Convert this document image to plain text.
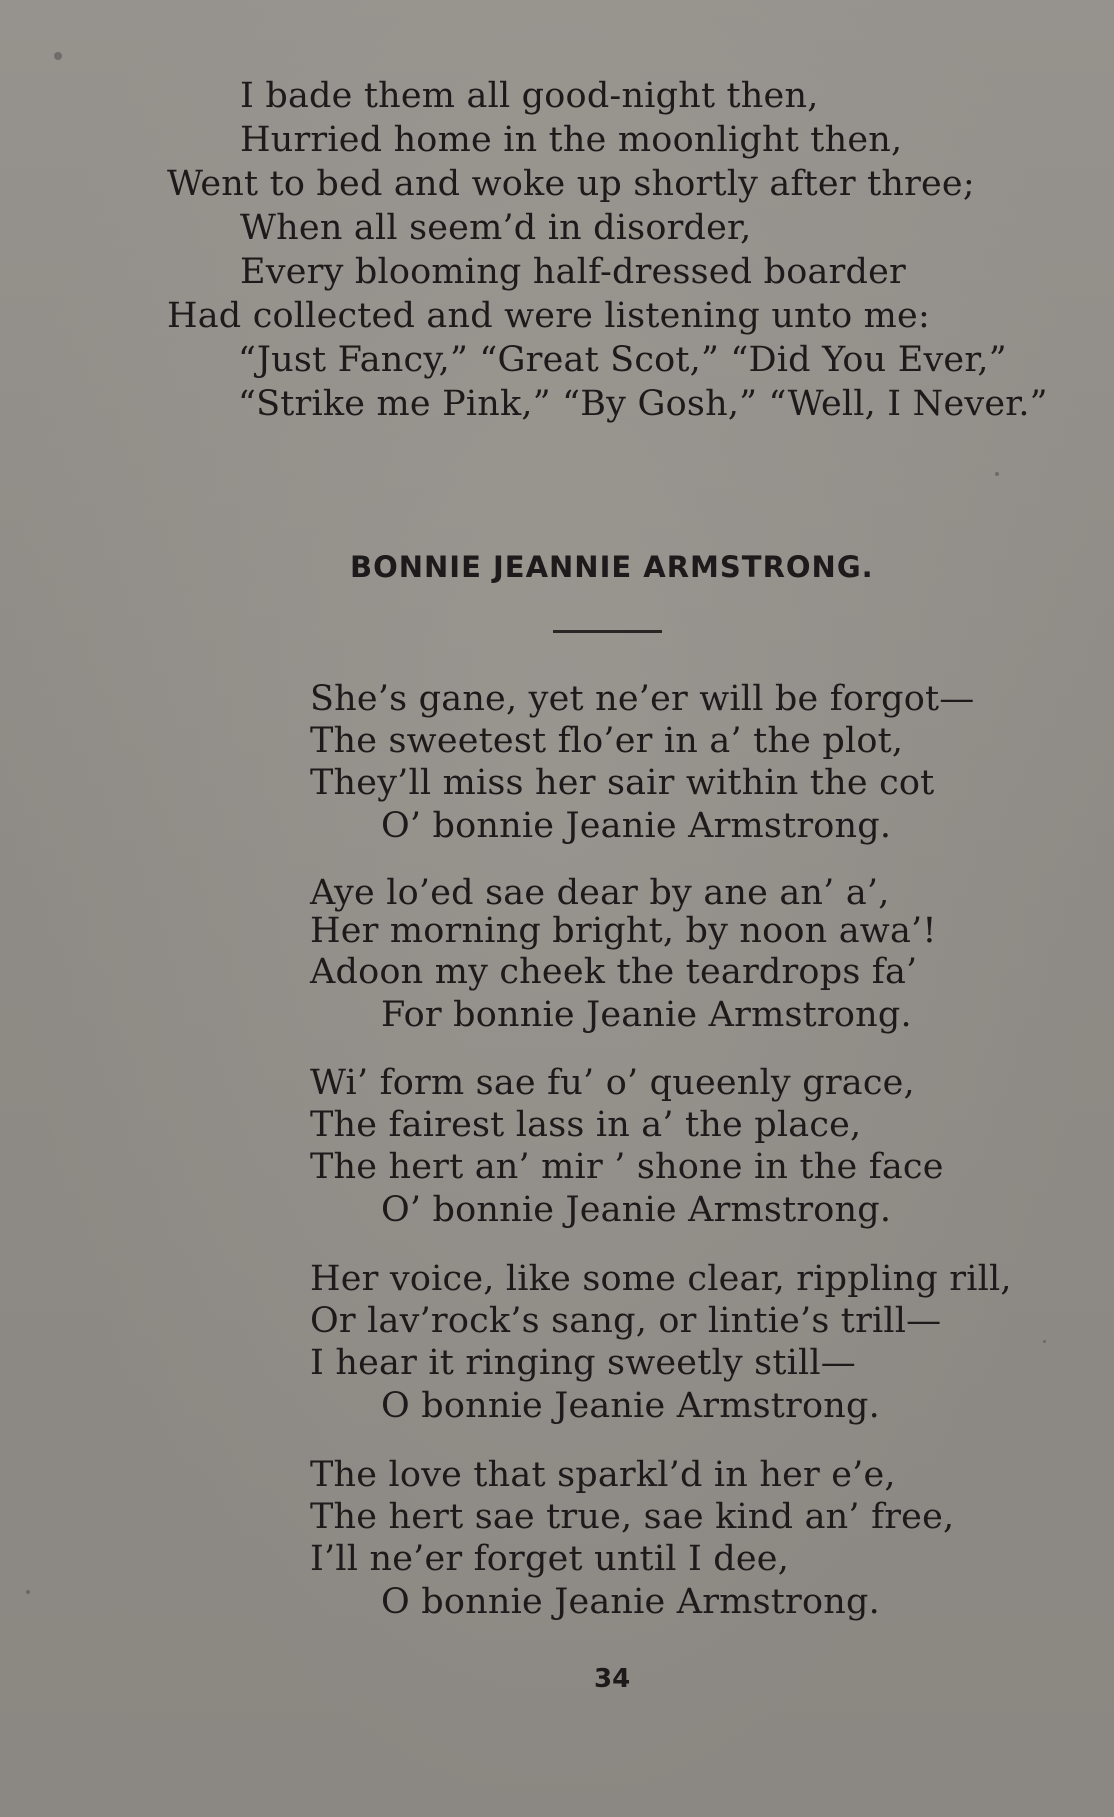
I bade them all good-night then,
Hurried home in the moonlight then,
Went to bed and woke up shortly after three;
When all seem’d in disorder,
Every blooming half-dressed boarder
Had collected and were listening unto me:
“Just Fancy,” “Great Scot,” “Did You Ever,”
“Strike me Pink,” “By Gosh,” “Well, I Never.”
BONNIE JEANNIE ARMSTRONG.
She’s gane, yet ne’er will be forgot—
The sweetest flo’er in a’ the plot,
They’ll miss her sair within the cot
O’ bonnie Jeanie Armstrong.
Aye lo’ed sae dear by ane an’ a’,
Her morning bright, by noon awa’!
Adoon my cheek the teardrops fa’
For bonnie Jeanie Armstrong.
Wi’ form sae fu’ o’ queenly grace,
The fairest lass in a’ the place,
The hert an’ mir ’ shone in the face
O’ bonnie Jeanie Armstrong.
Her voice, like some clear, rippling rill,
Or lav’rock’s sang, or lintie’s trill—
I hear it ringing sweetly still—
O bonnie Jeanie Armstrong.
The love that sparkl’d in her e’e,
The hert sae true, sae kind an’ free,
I’ll ne’er forget until I dee,
O bonnie Jeanie Armstrong.
34
